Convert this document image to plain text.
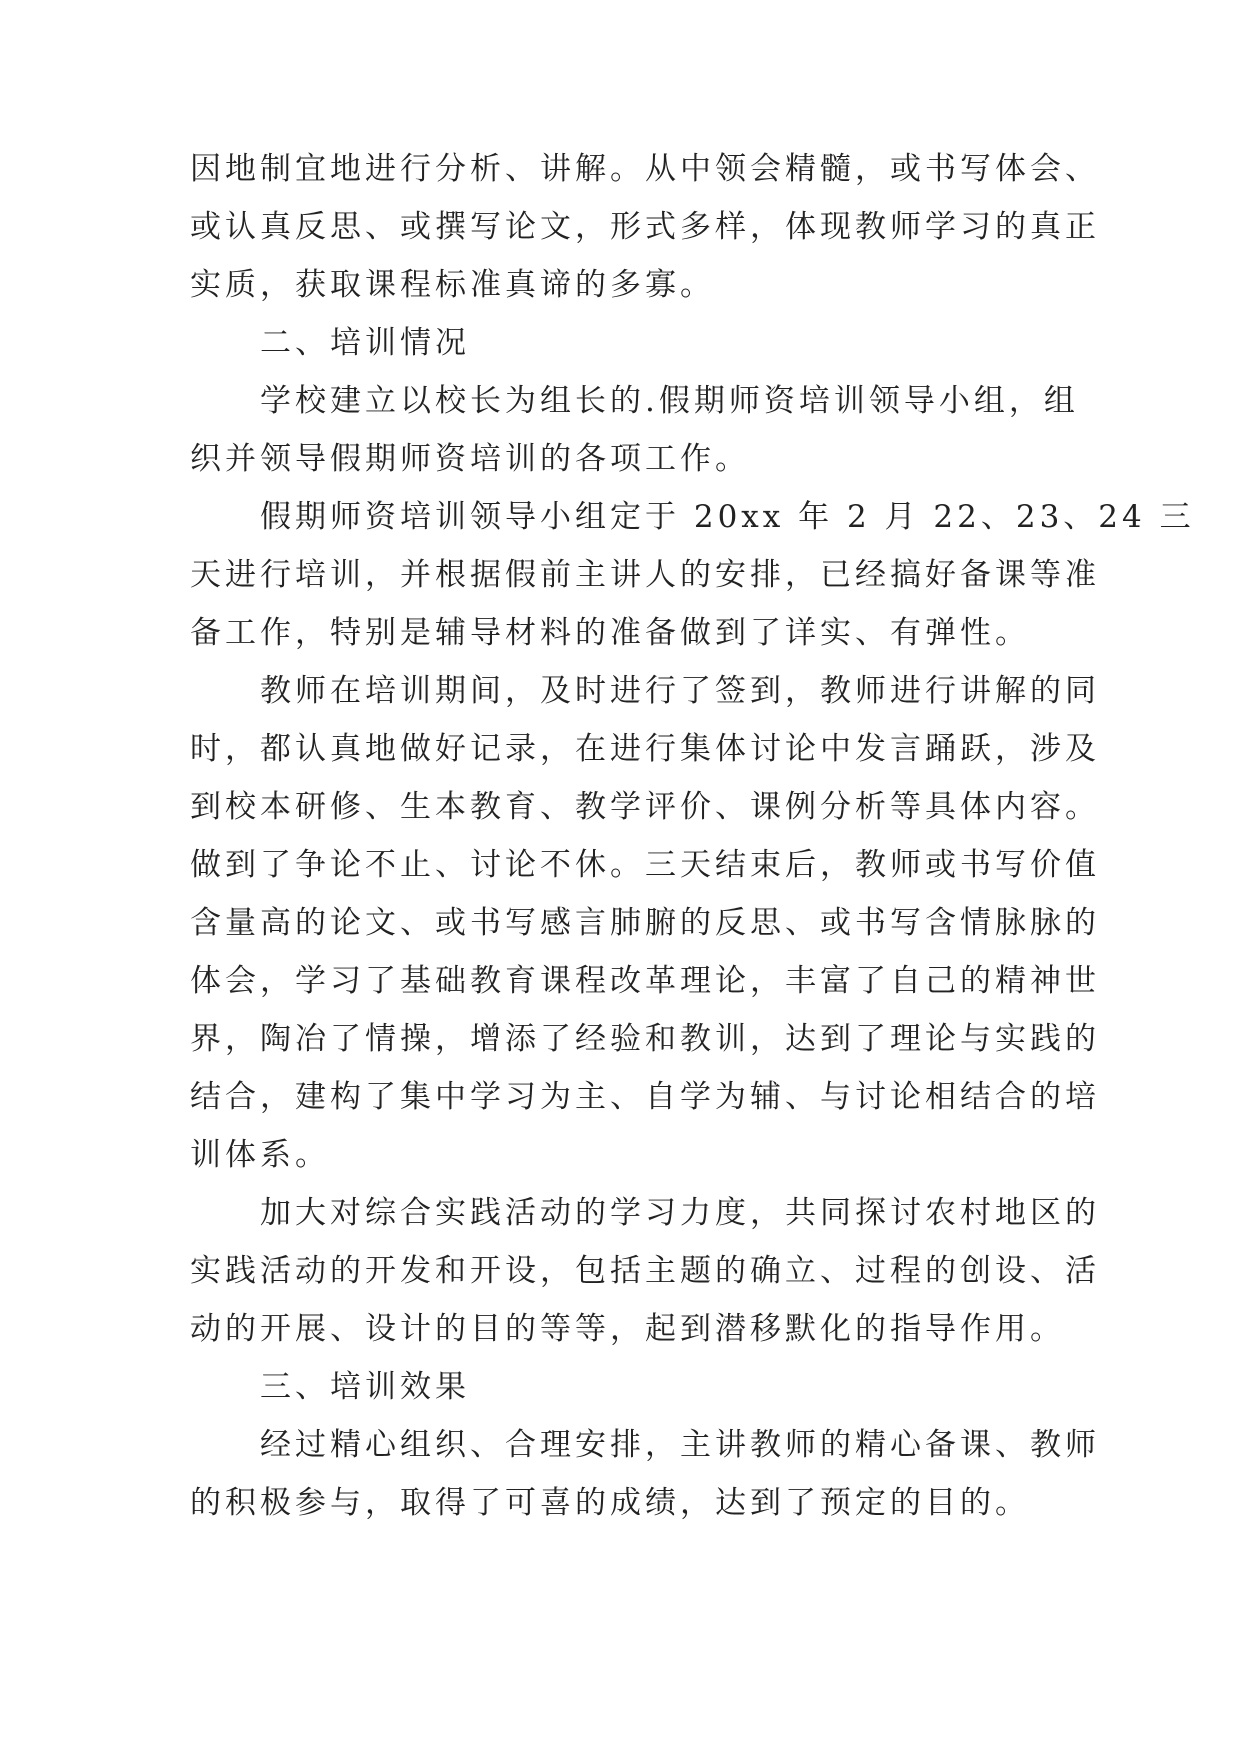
因地制宜地进行分析、讲解。从中领会精髓，或书写体会、
或认真反思、或撰写论文，形式多样，体现教师学习的真正
实质，获取课程标准真谛的多寡。
　　二、培训情况
　　学校建立以校长为组长的.假期师资培训领导小组，组
织并领导假期师资培训的各项工作。
　　假期师资培训领导小组定于 20xx 年 2 月 22、23、24 三
天进行培训，并根据假前主讲人的安排，已经搞好备课等准
备工作，特别是辅导材料的准备做到了详实、有弹性。
　　教师在培训期间，及时进行了签到，教师进行讲解的同
时，都认真地做好记录，在进行集体讨论中发言踊跃，涉及
到校本研修、生本教育、教学评价、课例分析等具体内容。
做到了争论不止、讨论不休。三天结束后，教师或书写价值
含量高的论文、或书写感言肺腑的反思、或书写含情脉脉的
体会，学习了基础教育课程改革理论，丰富了自己的精神世
界，陶冶了情操，增添了经验和教训，达到了理论与实践的
结合，建构了集中学习为主、自学为辅、与讨论相结合的培
训体系。
　　加大对综合实践活动的学习力度，共同探讨农村地区的
实践活动的开发和开设，包括主题的确立、过程的创设、活
动的开展、设计的目的等等，起到潜移默化的指导作用。
　　三、培训效果
　　经过精心组织、合理安排，主讲教师的精心备课、教师
的积极参与，取得了可喜的成绩，达到了预定的目的。
